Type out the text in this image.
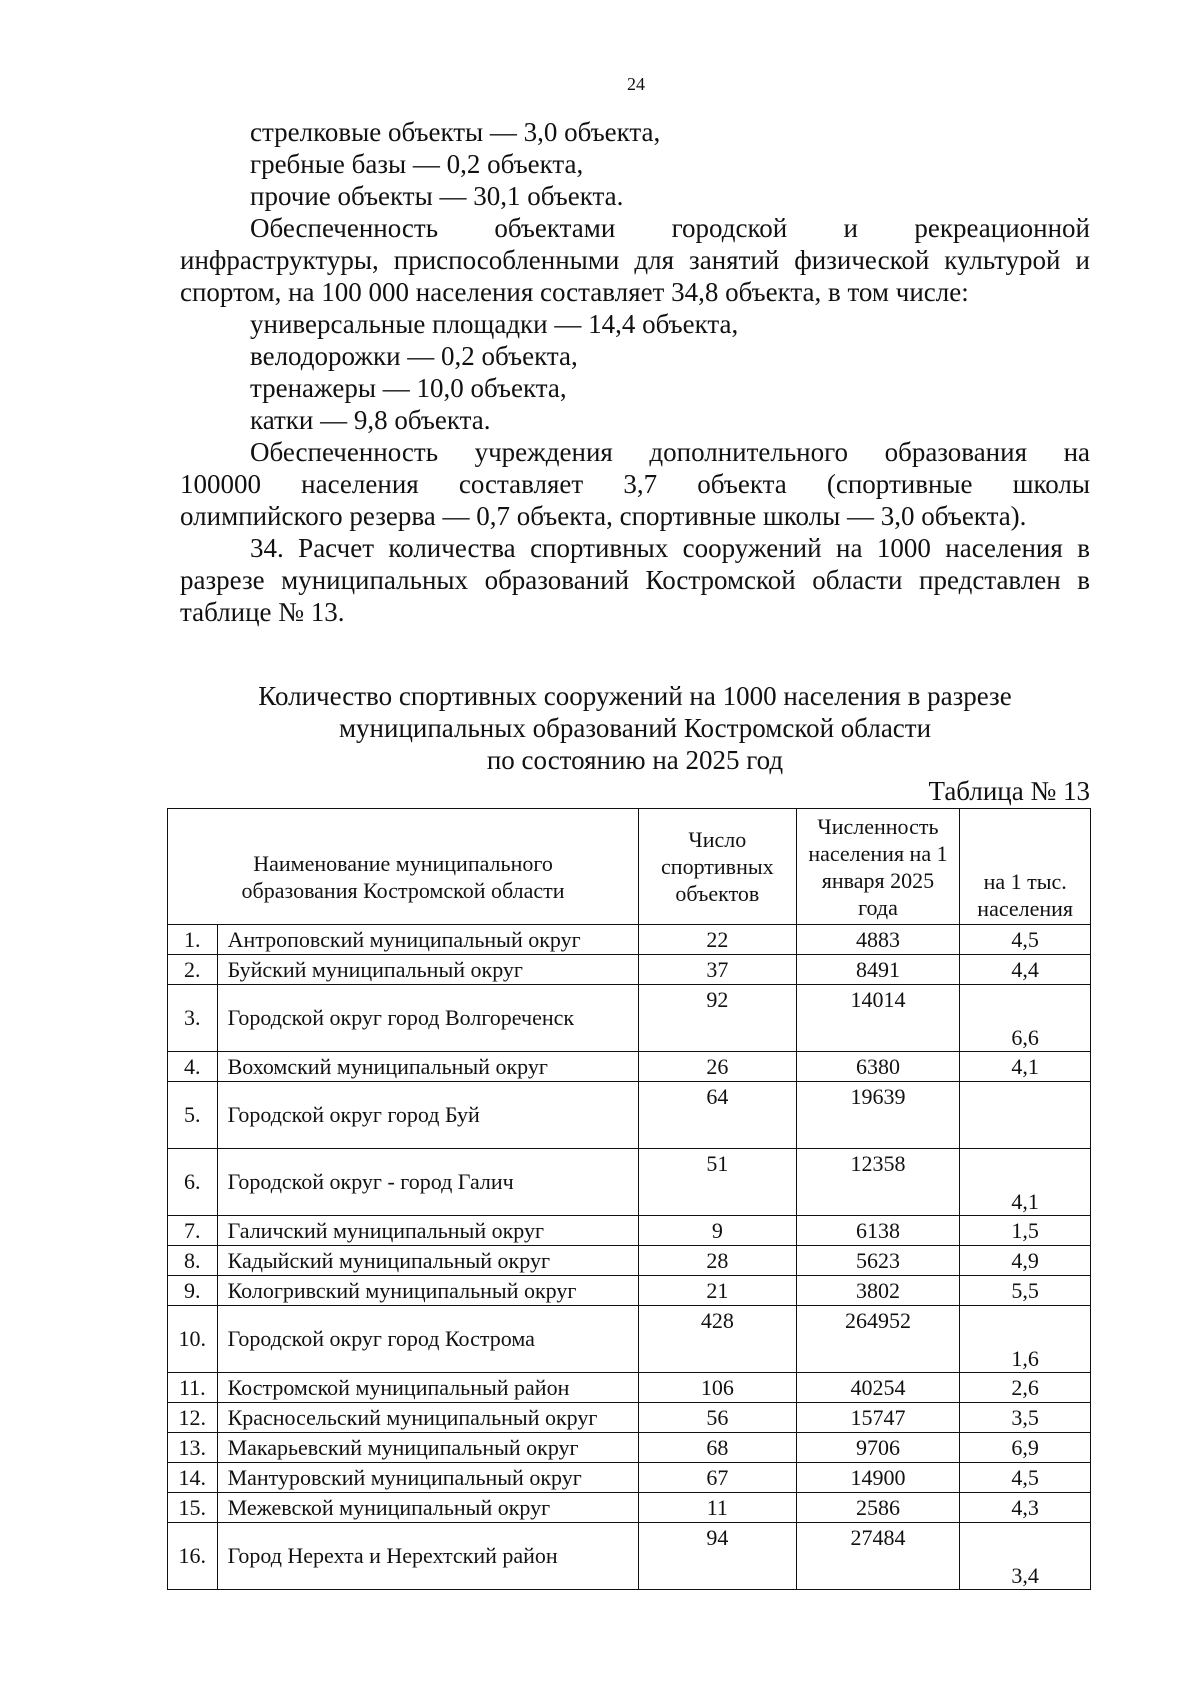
24
стрелковые объекты — 3,0 объекта,
гребные базы — 0,2 объекта,
прочие объекты — 30,1 объекта.
Обеспеченность объектами городской и рекреационной
инфраструктуры, приспособленными для занятий физической культурой и
спортом, на 100 000 населения составляет 34,8 объекта, в том числе:
универсальные площадки — 14,4 объекта,
велодорожки — 0,2 объекта,
тренажеры — 10,0 объекта,
катки — 9,8 объекта.
Обеспеченность учреждения дополнительного образования на
100000 населения составляет 3,7 объекта (спортивные школы
олимпийского резерва — 0,7 объекта, спортивные школы — 3,0 объекта).
34. Расчет количества спортивных сооружений на 1000 населения в
разрезе муниципальных образований Костромской области представлен в
таблице № 13.
Количество спортивных сооружений на 1000 населения в разрезе
муниципальных образований Костромской области
по состоянию на 2025 год
Таблица № 13
Наименование муниципального образования Костромской области		Число спортивных объектов	Численность населения на 1 января 2025 года	на 1 тыс. населения
1.	Антроповский муниципальный округ	22	4883	4,5
2.	Буйский муниципальный округ	37	8491	4,4
3.	Городской округ город Волгореченск	92	14014	6,6
4.	Вохомский муниципальный округ	26	6380	4,1
5.	Городской округ город Буй	64	19639	
6.	Городской округ - город Галич	51	12358	4,1
7.	Галичский муниципальный округ	9	6138	1,5
8.	Кадыйский муниципальный округ	28	5623	4,9
9.	Кологривский муниципальный округ	21	3802	5,5
10.	Городской округ город Кострома	428	264952	1,6
11.	Костромской муниципальный район	106	40254	2,6
12.	Красносельский муниципальный округ	56	15747	3,5
13.	Макарьевский муниципальный округ	68	9706	6,9
14.	Мантуровский муниципальный округ	67	14900	4,5
15.	Межевской муниципальный округ	11	2586	4,3
16.	Город Нерехта и Нерехтский район	94	27484	3,4
